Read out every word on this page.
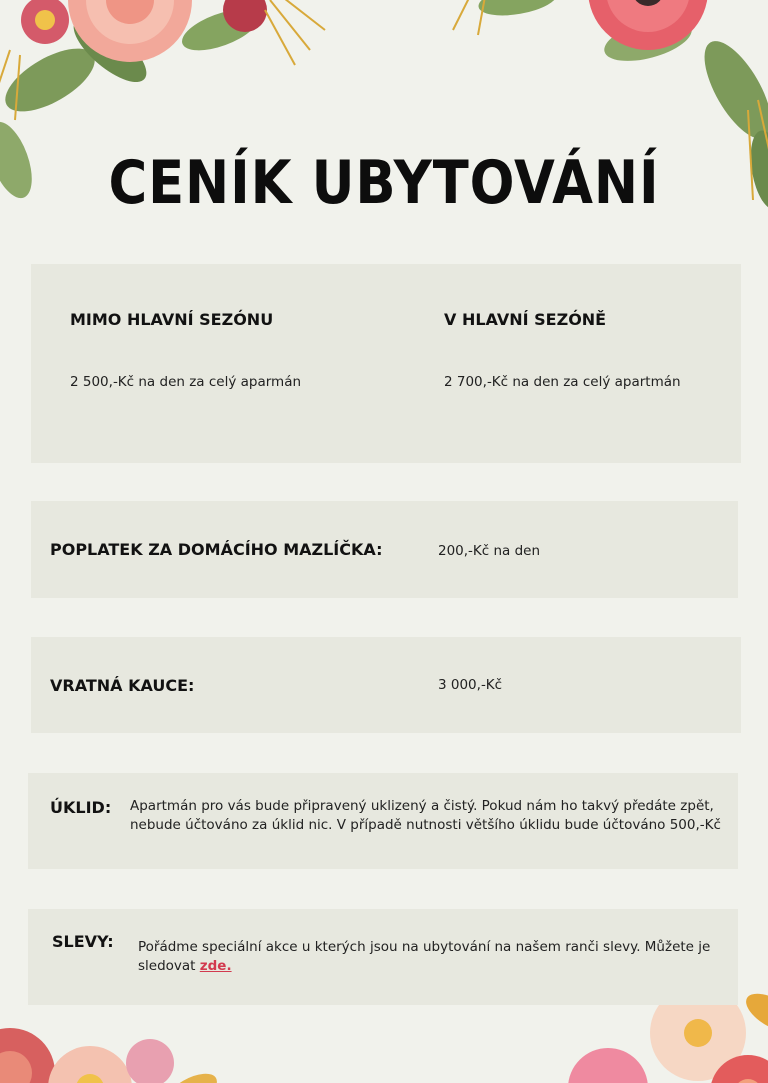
CENÍK UBYTOVÁNÍ
MIMO HLAVNÍ SEZÓNU
2 500,-Kč na den za celý aparmán
V HLAVNÍ SEZÓNĚ
2 700,-Kč na den za celý apartmán
POPLATEK ZA DOMÁCÍHO MAZLÍČKA:	200,-Kč na den
VRATNÁ KAUCE:	3 000,-Kč
ÚKLID: Apartmán pro vás bude připravený uklizený a čistý. Pokud nám ho takvý předáte zpět,
nebude účtováno za úklid nic. V případě nutnosti většího úklidu bude účtováno 500,-Kč
SLEVY: Pořádme speciální akce u kterých jsou na ubytování na našem ranči slevy. Můžete je
sledovat zde.
